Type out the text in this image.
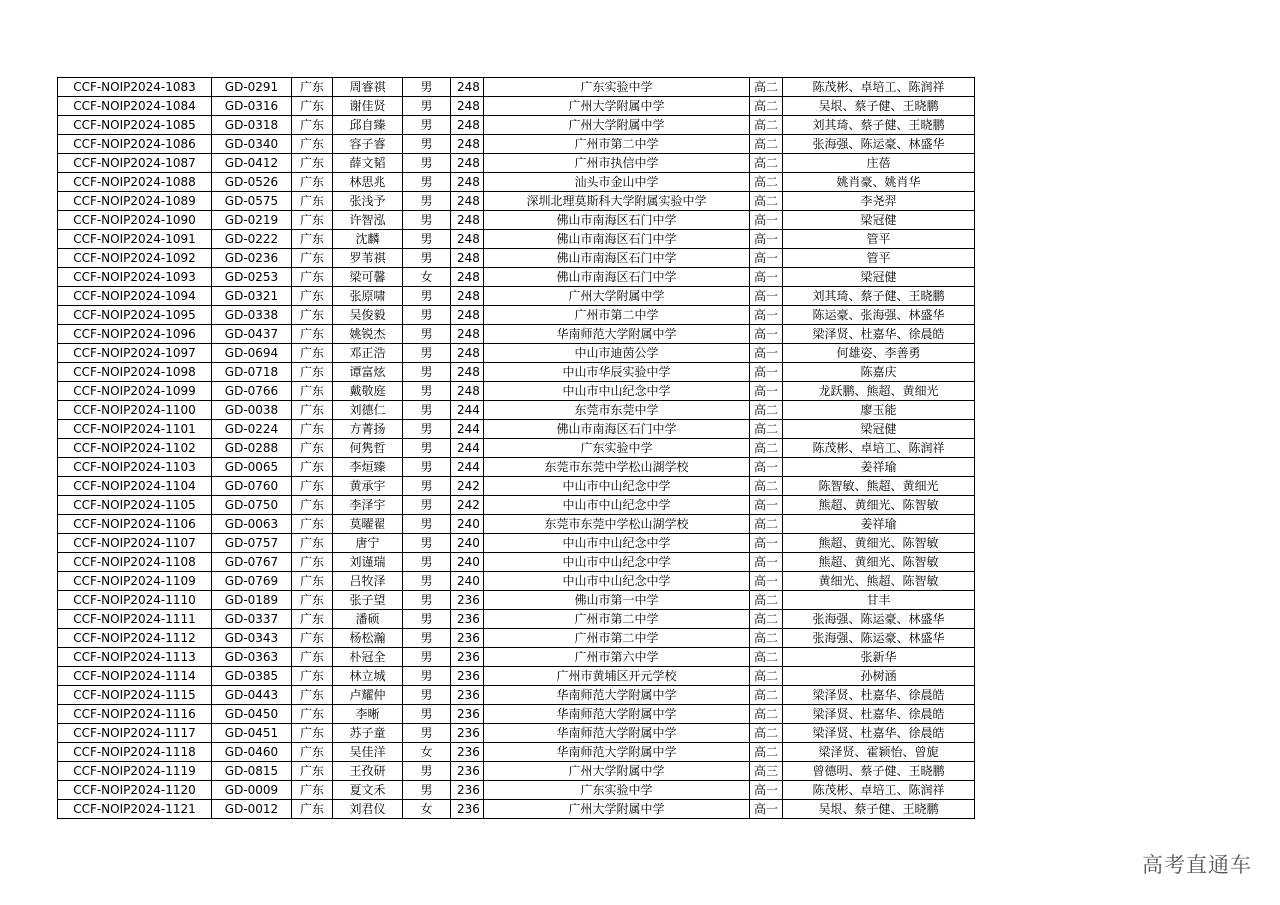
CCF-NOIP2024-1083	GD-0291	广东	周睿祺	男	248	广东实验中学	高二	陈茂彬、卓培工、陈润祥
CCF-NOIP2024-1084	GD-0316	广东	谢佳贤	男	248	广州大学附属中学	高二	吴垠、蔡子健、王晓鹏
CCF-NOIP2024-1085	GD-0318	广东	邱自臻	男	248	广州大学附属中学	高二	刘其琦、蔡子健、王晓鹏
CCF-NOIP2024-1086	GD-0340	广东	容子睿	男	248	广州市第二中学	高二	张海强、陈运豪、林盛华
CCF-NOIP2024-1087	GD-0412	广东	薛文韬	男	248	广州市执信中学	高二	庄蓓
CCF-NOIP2024-1088	GD-0526	广东	林思兆	男	248	汕头市金山中学	高二	姚肖豪、姚肖华
CCF-NOIP2024-1089	GD-0575	广东	张浅予	男	248	深圳北理莫斯科大学附属实验中学	高二	李尧羿
CCF-NOIP2024-1090	GD-0219	广东	许智泓	男	248	佛山市南海区石门中学	高一	梁冠健
CCF-NOIP2024-1091	GD-0222	广东	沈麟	男	248	佛山市南海区石门中学	高一	管平
CCF-NOIP2024-1092	GD-0236	广东	罗苇祺	男	248	佛山市南海区石门中学	高一	管平
CCF-NOIP2024-1093	GD-0253	广东	梁可馨	女	248	佛山市南海区石门中学	高一	梁冠健
CCF-NOIP2024-1094	GD-0321	广东	张原啸	男	248	广州大学附属中学	高一	刘其琦、蔡子健、王晓鹏
CCF-NOIP2024-1095	GD-0338	广东	吴俊毅	男	248	广州市第二中学	高一	陈运豪、张海强、林盛华
CCF-NOIP2024-1096	GD-0437	广东	姚锐杰	男	248	华南师范大学附属中学	高一	梁泽贤、杜嘉华、徐晨皓
CCF-NOIP2024-1097	GD-0694	广东	邓正浩	男	248	中山市迪茵公学	高一	何雄姿、李善勇
CCF-NOIP2024-1098	GD-0718	广东	谭富炫	男	248	中山市华辰实验中学	高一	陈嘉庆
CCF-NOIP2024-1099	GD-0766	广东	戴敬庭	男	248	中山市中山纪念中学	高一	龙跃鹏、熊超、黄细光
CCF-NOIP2024-1100	GD-0038	广东	刘德仁	男	244	东莞市东莞中学	高二	廖玉能
CCF-NOIP2024-1101	GD-0224	广东	方菁扬	男	244	佛山市南海区石门中学	高二	梁冠健
CCF-NOIP2024-1102	GD-0288	广东	何隽哲	男	244	广东实验中学	高二	陈茂彬、卓培工、陈润祥
CCF-NOIP2024-1103	GD-0065	广东	李烜臻	男	244	东莞市东莞中学松山湖学校	高一	姜祥瑜
CCF-NOIP2024-1104	GD-0760	广东	黄承宇	男	242	中山市中山纪念中学	高二	陈智敏、熊超、黄细光
CCF-NOIP2024-1105	GD-0750	广东	李泽宇	男	242	中山市中山纪念中学	高一	熊超、黄细光、陈智敏
CCF-NOIP2024-1106	GD-0063	广东	莫曜翟	男	240	东莞市东莞中学松山湖学校	高二	姜祥瑜
CCF-NOIP2024-1107	GD-0757	广东	唐宁	男	240	中山市中山纪念中学	高一	熊超、黄细光、陈智敏
CCF-NOIP2024-1108	GD-0767	广东	刘谨瑞	男	240	中山市中山纪念中学	高一	熊超、黄细光、陈智敏
CCF-NOIP2024-1109	GD-0769	广东	吕牧泽	男	240	中山市中山纪念中学	高一	黄细光、熊超、陈智敏
CCF-NOIP2024-1110	GD-0189	广东	张子望	男	236	佛山市第一中学	高二	甘丰
CCF-NOIP2024-1111	GD-0337	广东	潘硕	男	236	广州市第二中学	高二	张海强、陈运豪、林盛华
CCF-NOIP2024-1112	GD-0343	广东	杨松瀚	男	236	广州市第二中学	高二	张海强、陈运豪、林盛华
CCF-NOIP2024-1113	GD-0363	广东	朴冠全	男	236	广州市第六中学	高二	张新华
CCF-NOIP2024-1114	GD-0385	广东	林立城	男	236	广州市黄埔区开元学校	高二	孙树涵
CCF-NOIP2024-1115	GD-0443	广东	卢耀仲	男	236	华南师范大学附属中学	高二	梁泽贤、杜嘉华、徐晨皓
CCF-NOIP2024-1116	GD-0450	广东	李晰	男	236	华南师范大学附属中学	高二	梁泽贤、杜嘉华、徐晨皓
CCF-NOIP2024-1117	GD-0451	广东	苏子童	男	236	华南师范大学附属中学	高二	梁泽贤、杜嘉华、徐晨皓
CCF-NOIP2024-1118	GD-0460	广东	吴佳洋	女	236	华南师范大学附属中学	高二	梁泽贤、霍颖怡、曾旎
CCF-NOIP2024-1119	GD-0815	广东	王孜研	男	236	广州大学附属中学	高三	曾德明、蔡子健、王晓鹏
CCF-NOIP2024-1120	GD-0009	广东	夏文禾	男	236	广东实验中学	高一	陈茂彬、卓培工、陈润祥
CCF-NOIP2024-1121	GD-0012	广东	刘君仪	女	236	广州大学附属中学	高一	吴垠、蔡子健、王晓鹏
高考直通车
